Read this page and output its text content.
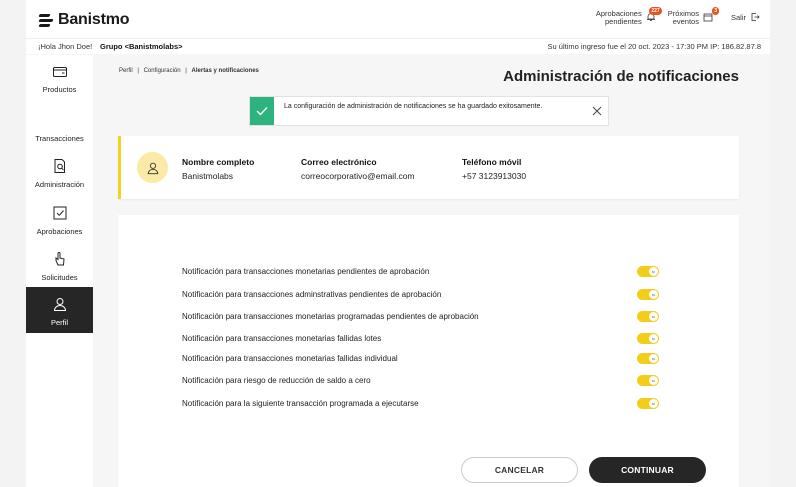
Banistmo	Aprobaciones
pendientes
227 Próximos
eventos
3
Salir
¡Hola Jhon Doe! Grupo <Banistmolabs>	Su último ingreso fue el 20 oct. 2023 - 17:30 PM IP: 186.82.87.8
Productos
Transacciones
Administración
Aprobaciones
Solicitudes
Perfil
Perfil | Configuración | Alertas y notificaciones	Administración de notificaciones
La configuración de administración de notificaciones se ha guardado exitosamente.
Nombre completo
Banistmolabs
Correo electrónico
correocorporativo@email.com
Teléfono móvil
+57 3123913030
Notificación para transacciones monetarias pendientes de aprobación	sí
Notificación para transacciones adminstrativas pendientes de aprobación	sí
Notificación para transacciones monetarias programadas pendientes de aprobación	sí
Notificación para transacciones monetarias fallidas lotes	sí
Notificación para transacciones monetarias fallidas individual	sí
Notificación para riesgo de reducción de saldo a cero	sí
Notificación para la siguiente transacción programada a ejecutarse	sí
CANCELAR	CONTINUAR
